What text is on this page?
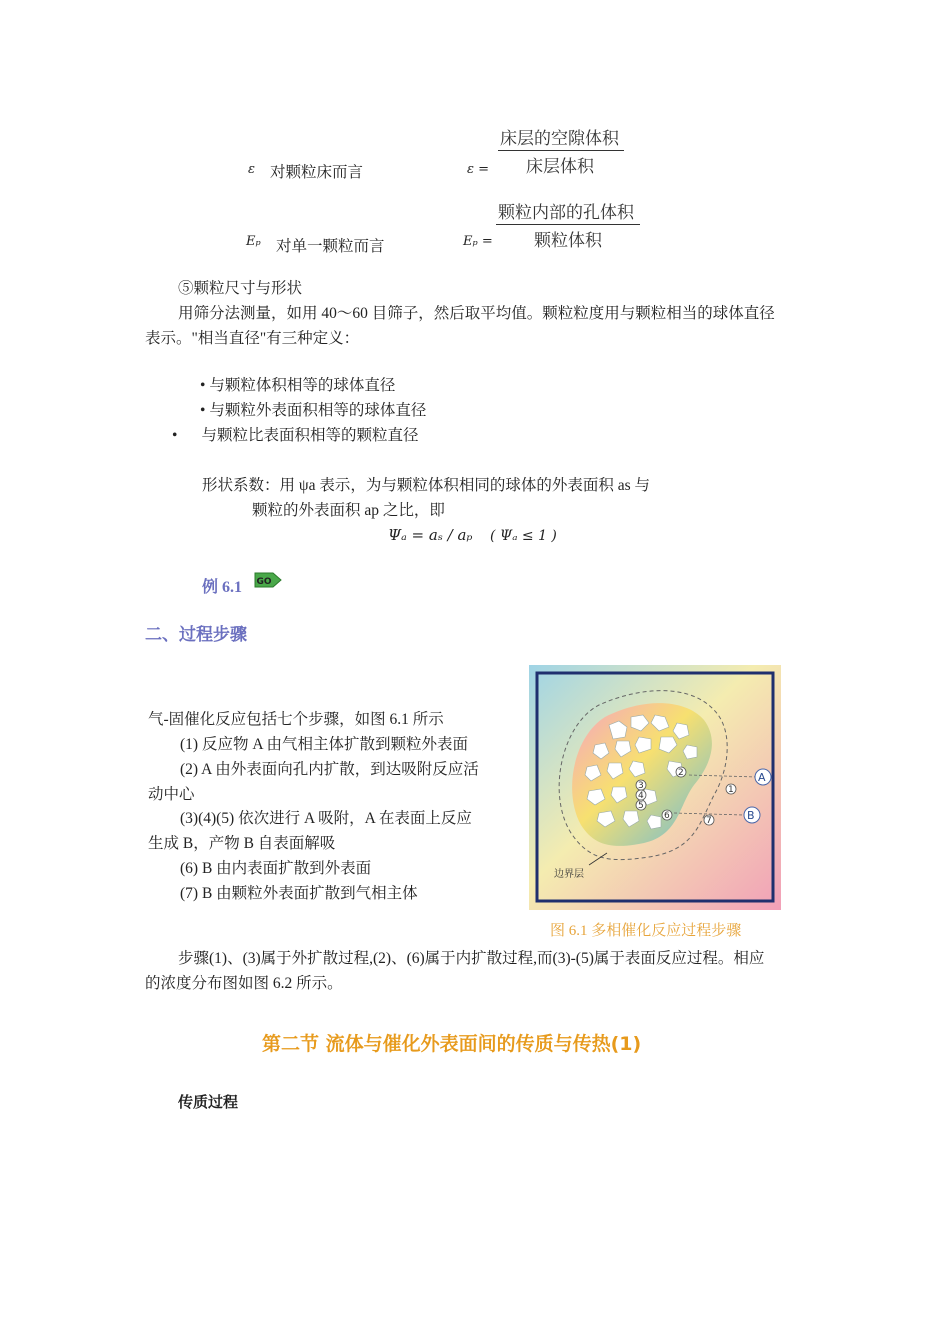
ε 对颗粒床而言	ε =
床层的空隙体积
床层体积
Εₚ 对单一颗粒而言	Εₚ =
颗粒内部的孔体积
颗粒体积
⑤颗粒尺寸与形状
用筛分法测量，如用 40～60 目筛子，然后取平均值。颗粒粒度用与颗粒相当的球体直径
表示。"相当直径"有三种定义：
• 与颗粒体积相等的球体直径
• 与颗粒外表面积相等的球体直径
• 与颗粒比表面积相等的颗粒直径
形状系数：用 ψa 表示，为与颗粒体积相同的球体的外表面积 as 与
颗粒的外表面积 ap 之比，即
Ψₐ = aₛ / aₚ ( Ψₐ ≤ 1 )
例 6.1 GO
二、过程步骤
气-固催化反应包括七个步骤，如图 6.1 所示
(1) 反应物 A 由气相主体扩散到颗粒外表面
(2) A 由外表面向孔内扩散，到达吸附反应活
动中心
(3)(4)(5) 依次进行 A 吸附，A 在表面上反应
生成 B，产物 B 自表面解吸
(6) B 由内表面扩散到外表面
(7) B 由颗粒外表面扩散到气相主体
2
3
4
5
6
1
7
A
B
边界层
图 6.1 多相催化反应过程步骤
步骤(1)、(3)属于外扩散过程,(2)、(6)属于内扩散过程,而(3)-(5)属于表面反应过程。相应
的浓度分布图如图 6.2 所示。
第二节 流体与催化外表面间的传质与传热(1)
传质过程
